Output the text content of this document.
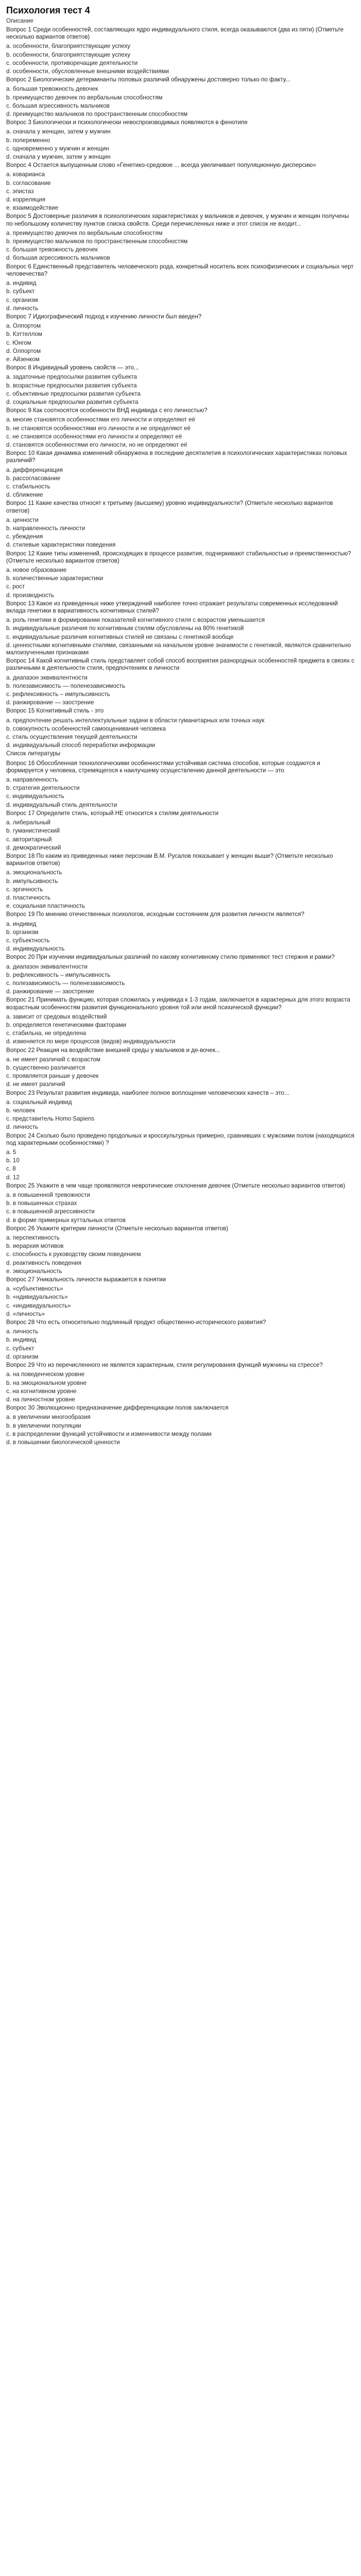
Психология тест 4
Описание
Вопрос 1 Среди особенностей, составляющих ядро индивидуального стиля, всегда оказываются (два из пяти) (Отметьте несколько вариантов ответов)
a. особенности, благоприятствующие успеху
b. особенности, благоприятствующие успеху
c. особенности, противоречащие деятельности
d. особенности, обусловленные внешними воздействиями
Вопрос 2 Биологические детерминанты половых различий обнаружены достоверно только по факту...
a. большая тревожность девочек
b. преимущество девочек по вербальным способностям
c. большая агрессивность мальчиков
d. преимущество мальчиков по пространственным способностям
Вопрос 3 Биологически и психологически невоспроизводимых появляются в фенотипе
a. сначала у женщин, затем у мужчин
b. попеременно
c. одновременно у мужчин и женщин
d. сначала у мужчин, затем у женщин
Вопрос 4 Остается выпущенным слово «Генетико-средовое ... всегда увеличивает популяционную дисперсию»
a. коварианса
b. согласование
c. эпистаз
d. корреляция
e. взаимодействие
Вопрос 5 Достоверные различия в психологических характеристиках у мальчиков и девочек, у мужчин и женщин получены по небольшому количеству пунктов списка свойств. Среди перечисленных ниже и этот список не входит...
a. преимущество девочек по вербальным способностям
b. преимущество мальчиков по пространственным способностям
c. большая тревожность девочек
d. большая агрессивность мальчиков
Вопрос 6 Единственный представитель человеческого рода, конкретный носитель всех психофизических и социальных черт человечества?
a. индивид
b. субъект
c. организм
d. личность
Вопрос 7 Идиографический подход к изучению личности был введен?
a. Олпортом
b. Кэттеллом
c. Юнгом
d. Олпортом
e. Айзенком
Вопрос 8 Индивидный уровень свойств — это...
a. задаточные предпосылки развития субъекта
b. возрастные предпосылки развития субъекта
c. объективные предпосылки развития субъекта
d. социальные предпосылки развития субъекта
Вопрос 9 Как соотносятся особенности ВНД индивида с его личностью?
a. многие становятся особенностями его личности и определяют её
b. не становятся особенностями его личности и не определяют её
c. не становятся особенностями его личности и определяют её
d. становятся особенностями его личности, но не определяют её
Вопрос 10 Какая динамика изменений обнаружена в последние десятилетия в психологических характеристиках половых различий?
a. дифференциация
b. рассогласование
c. стабильность
d. сближение
Вопрос 11 Какие качества относят к третьему (высшему) уровню индивидуальности? (Отметьте несколько вариантов ответов)
a. ценности
b. направленность личности
c. убеждения
d. стилевые характеристики поведения
Вопрос 12 Какие типы изменений, происходящих в процессе развития, подчеркивают стабильностью и преемственностью? (Отметьте несколько вариантов ответов)
a. новое образование
b. количественные характеристики
c. рост
d. производность
Вопрос 13 Какое из приведенных ниже утверждений наиболее точно отражает результаты современных исследований вклада генетики в вариативность когнитивных стилей?
a. роль генетики в формировании показателей когнитивного стиля с возрастом уменьшается
b. индивидуальные различия по когнитивным стилям обусловлены на 80% генетикой
c. индивидуальные различия когнитивных стилей не связаны с генетикой вообще
d. ценностными когнитивными стилями, связанными на начальном уровне значимости с генетикой, являются сравнительно малоизученными признаками
Вопрос 14 Какой когнитивный стиль представляет собой способ восприятия разнородных особенностей предмета в связях с различными в деятельности стиля, предпочтениях в личности
a. диапазон эквивалентности
b. полезависимость — поленезависимость
c. рефлексивность – импульсивность
d. ранжирование — заострение
Вопрос 15 Когнитивный стиль - это
a. предпочтение решать интеллектуальные задачи в области гуманитарных или точных наук
b. совокупность особенностей самооценивания человека
c. стиль осуществления текущей деятельности
d. индивидуальный способ переработки информации
Список литературы
Вопрос 16 Обособленная технологическими особенностями устойчивая система способов, которые создаются и формируется у человека, стремящегося к наилучшему осуществлению данной деятельности — это
a. направленность
b. стратегия деятельности
c. индивидуальность
d. индивидуальный стиль деятельности
Вопрос 17 Определите стиль, который НЕ относится к стилям деятельности
a. либеральный
b. гуманистический
c. авторитарный
d. демократический
Вопрос 18 По каким из приведенных ниже персонам В.М. Русалов показывает у женщин выше? (Отметьте несколько вариантов ответов)
a. эмоциональность
b. импульсивность
c. эргичность
d. пластичность
e. социальная пластичность
Вопрос 19 По мнению отечественных психологов, исходным состоянием для развития личности является?
a. индивид
b. организм
c. субъектность
d. индивидуальность
Вопрос 20 При изучении индивидуальных различий по какому когнитивному стилю применяют тест стержня и рамки?
a. диапазон эквивалентности
b. рефлексивность – импульсивность
c. полезависимость — поленезависимость
d. ранжирование — заострение
Вопрос 21 Принимать функцию, которая сложилась у индивида к 1-3 годам, заключается в характерных для этого возраста возрастным особенностям развития функционального уровня той или иной психической функции?
a. зависит от средовых воздействий
b. определяется генетическими факторами
c. стабильна, не определена
d. изменяется по мере процессов (видов) индивидуальности
Вопрос 22 Реакция на воздействие внешней среды у мальчиков и де-вочек...
a. не имеет различий с возрастом
b. существенно различается
c. проявляется раньше у девочек
d. не имеет различий
Вопрос 23 Результат развития индивида, наиболее полное воплощение человеческих качеств – это...
a. социальный индивид
b. человек
c. представитель Homo Sapiens
d. личность
Вопрос 24 Сколько было проведено продольных и кросскультурных примерно, сравнивших с мужскими полом (находящихся под характерными особенностями) ?
a. 5
b. 10
c. 8
d. 12
Вопрос 25 Укажите в чем чаще проявляются невротические отклонения девочек (Отметьте несколько вариантов ответов)
a. в повышенной тревожности
b. в повышенных страхах
c. в повышенной агрессивности
d. в форме примерных куттальных ответов
Вопрос 26 Укажите критерии личности (Отметьте несколько вариантов ответов)
a. перспективность
b. иерархия мотивов
c. способность к руководству своим поведением
d. реактивность поведения
e. эмоциональность
Вопрос 27 Уникальность личности выражается в понятии
a. «субъективность»
b. «ндивидуальность»
c. «индивидуальность»
d. «личность»
Вопрос 28 Что есть относительно подлинный продукт общественно-исторического развития?
a. личность
b. индивид
c. субъект
d. организм
Вопрос 29 Что из перечисленного не является характерным, стиля регулирования функций мужчины на стрессе?
a. на поведенческом уровне
b. на эмоциональном уровне
c. на когнитивном уровне
d. на личностном уровне
Вопрос 30 Эволюционно предназначение дифференциации полов заключается
a. в увеличении многообразия
b. в увеличении популяции
c. в распределении функций устойчивости и изменчивости между полами
d. в повышении биологической ценности
